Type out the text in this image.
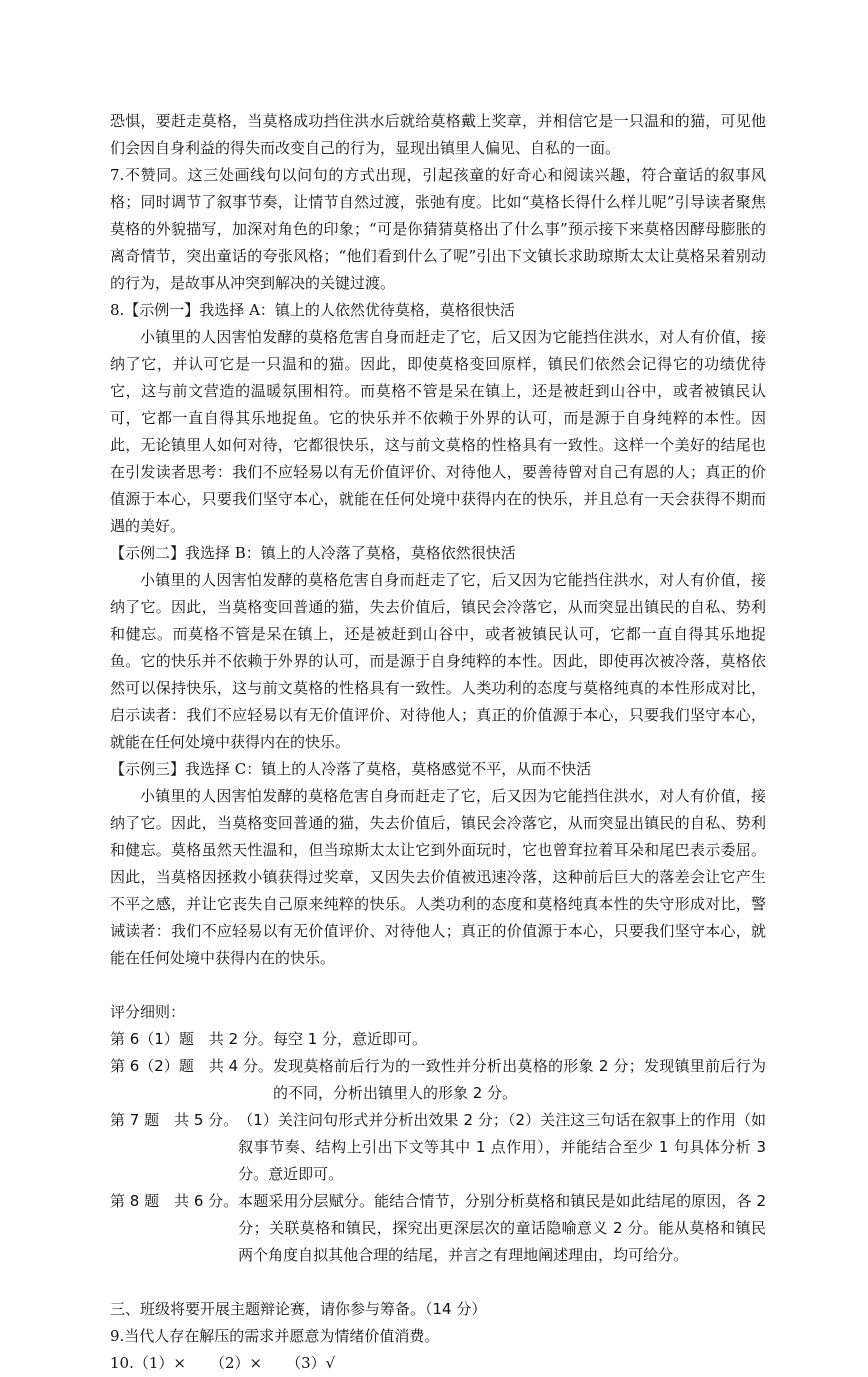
恐惧，要赶走莫格，当莫格成功挡住洪水后就给莫格戴上奖章，并相信它是一只温和的猫，可见他们会因自身利益的得失而改变自己的行为，显现出镇里人偏见、自私的一面。

7.不赞同。这三处画线句以问句的方式出现，引起孩童的好奇心和阅读兴趣，符合童话的叙事风格；同时调节了叙事节奏，让情节自然过渡，张弛有度。比如“莫格长得什么样儿呢”引导读者聚焦莫格的外貌描写，加深对角色的印象；“可是你猜猜莫格出了什么事”预示接下来莫格因酵母膨胀的离奇情节，突出童话的夸张风格；“他们看到什么了呢”引出下文镇长求助琼斯太太让莫格呆着别动的行为，是故事从冲突到解决的关键过渡。

8.【示例一】我选择 A：镇上的人依然优待莫格，莫格很快活

小镇里的人因害怕发酵的莫格危害自身而赶走了它，后又因为它能挡住洪水，对人有价值，接纳了它，并认可它是一只温和的猫。因此，即使莫格变回原样，镇民们依然会记得它的功绩优待它，这与前文营造的温暖氛围相符。而莫格不管是呆在镇上，还是被赶到山谷中，或者被镇民认可，它都一直自得其乐地捉鱼。它的快乐并不依赖于外界的认可，而是源于自身纯粹的本性。因此，无论镇里人如何对待，它都很快乐，这与前文莫格的性格具有一致性。这样一个美好的结尾也在引发读者思考：我们不应轻易以有无价值评价、对待他人，要善待曾对自己有恩的人；真正的价值源于本心，只要我们坚守本心，就能在任何处境中获得内在的快乐，并且总有一天会获得不期而遇的美好。

【示例二】我选择 B：镇上的人冷落了莫格，莫格依然很快活

小镇里的人因害怕发酵的莫格危害自身而赶走了它，后又因为它能挡住洪水，对人有价值，接纳了它。因此，当莫格变回普通的猫，失去价值后，镇民会冷落它，从而突显出镇民的自私、势利和健忘。而莫格不管是呆在镇上，还是被赶到山谷中，或者被镇民认可，它都一直自得其乐地捉鱼。它的快乐并不依赖于外界的认可，而是源于自身纯粹的本性。因此，即使再次被冷落，莫格依然可以保持快乐，这与前文莫格的性格具有一致性。人类功利的态度与莫格纯真的本性形成对比，启示读者：我们不应轻易以有无价值评价、对待他人；真正的价值源于本心，只要我们坚守本心，就能在任何处境中获得内在的快乐。

【示例三】我选择 C：镇上的人冷落了莫格，莫格感觉不平，从而不快活

小镇里的人因害怕发酵的莫格危害自身而赶走了它，后又因为它能挡住洪水，对人有价值，接纳了它。因此，当莫格变回普通的猫，失去价值后，镇民会冷落它，从而突显出镇民的自私、势利和健忘。莫格虽然天性温和，但当琼斯太太让它到外面玩时，它也曾耷拉着耳朵和尾巴表示委屈。因此，当莫格因拯救小镇获得过奖章，又因失去价值被迅速冷落，这种前后巨大的落差会让它产生不平之感，并让它丧失自己原来纯粹的快乐。人类功利的态度和莫格纯真本性的失守形成对比，警诫读者：我们不应轻易以有无价值评价、对待他人；真正的价值源于本心，只要我们坚守本心，就能在任何处境中获得内在的快乐。

评分细则：

第 6（1）题　共 2 分。 每空 1 分，意近即可。
第 6（2）题　共 4 分。 发现莫格前后行为的一致性并分析出莫格的形象 2 分；发现镇里前后行为的不同，分析出镇里人的形象 2 分。
第 7 题　共 5 分。 （1）关注问句形式并分析出效果 2 分；（2）关注这三句话在叙事上的作用（如叙事节奏、结构上引出下文等其中 1 点作用），并能结合至少 1 句具体分析 3 分。意近即可。
第 8 题　共 6 分。 本题采用分层赋分。能结合情节，分别分析莫格和镇民是如此结尾的原因，各 2 分；关联莫格和镇民，探究出更深层次的童话隐喻意义 2 分。能从莫格和镇民两个角度自拟其他合理的结尾，并言之有理地阐述理由，均可给分。

三、班级将要开展主题辩论赛，请你参与筹备。（14 分）

9.当代人存在解压的需求并愿意为情绪价值消费。

10.（1）× （2）× （3）√
